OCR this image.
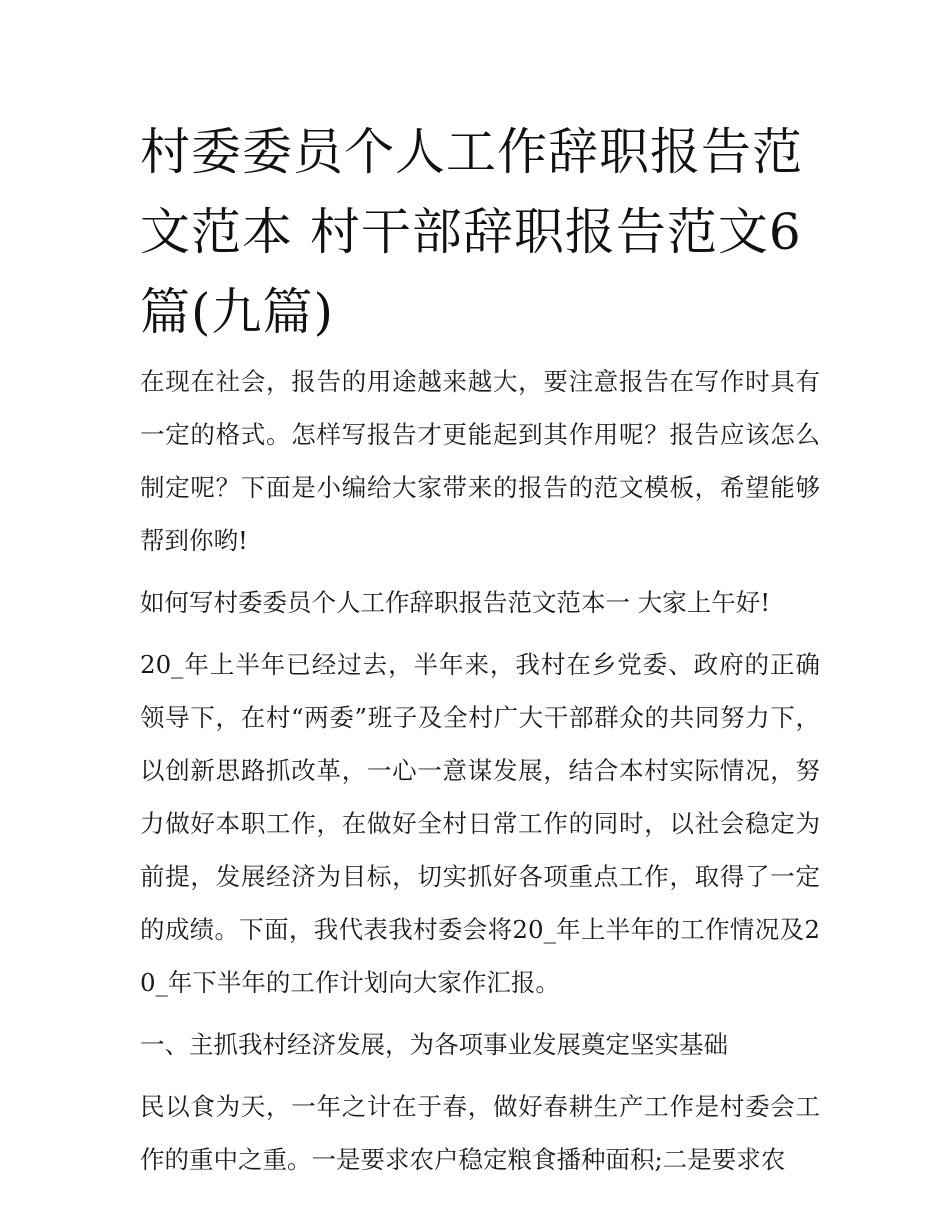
村委委员个人工作辞职报告范文范本 村干部辞职报告范文6篇(九篇)

在现在社会，报告的用途越来越大，要注意报告在写作时具有一定的格式。怎样写报告才更能起到其作用呢？报告应该怎么制定呢？下面是小编给大家带来的报告的范文模板，希望能够帮到你哟!

如何写村委委员个人工作辞职报告范文范本一 大家上午好!

20_年上半年已经过去，半年来，我村在乡党委、政府的正确领导下，在村“两委”班子及全村广大干部群众的共同努力下，以创新思路抓改革，一心一意谋发展，结合本村实际情况，努力做好本职工作，在做好全村日常工作的同时，以社会稳定为前提，发展经济为目标，切实抓好各项重点工作，取得了一定的成绩。下面，我代表我村委会将20_年上半年的工作情况及20_年下半年的工作计划向大家作汇报。

一、主抓我村经济发展，为各项事业发展奠定坚实基础

民以食为天，一年之计在于春，做好春耕生产工作是村委会工作的重中之重。一是要求农户稳定粮食播种面积;二是要求农
